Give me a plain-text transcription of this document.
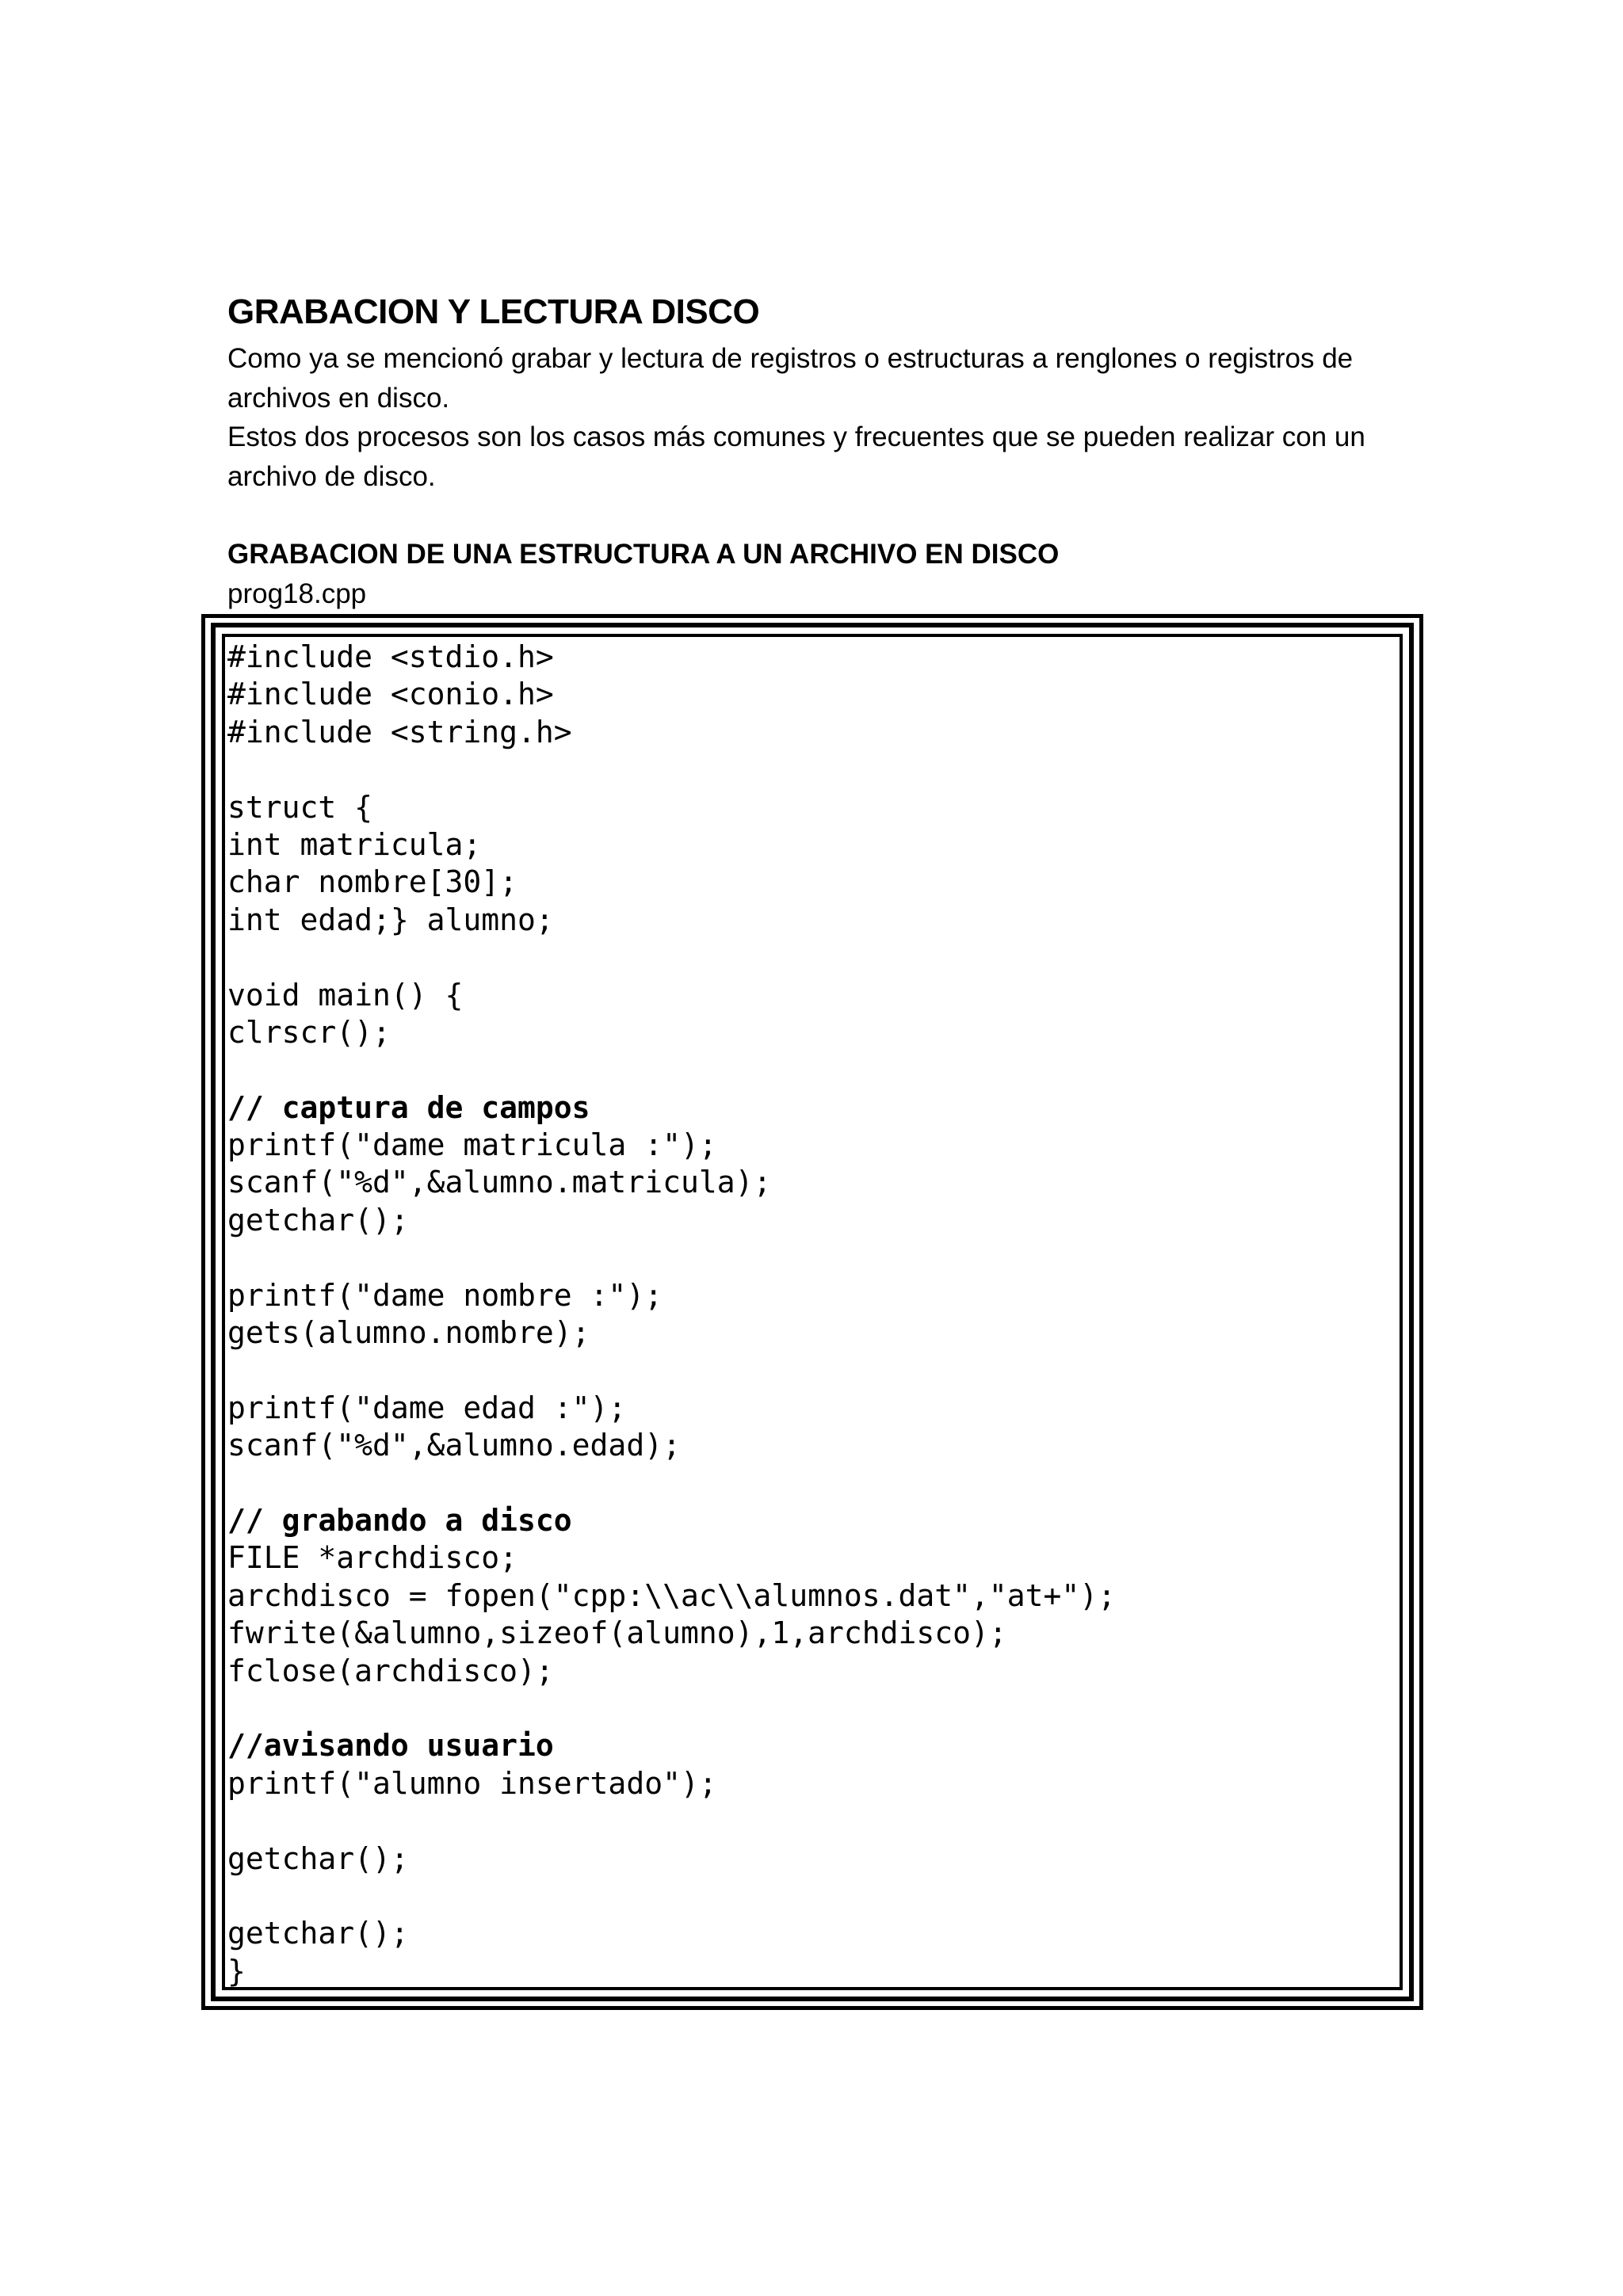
GRABACION Y LECTURA DISCO

Como ya se mencionó grabar y lectura de registros o estructuras a renglones o registros de archivos en disco.

Estos dos procesos son los casos más comunes y frecuentes que se pueden realizar con un archivo de disco.

GRABACION DE UNA ESTRUCTURA A UN ARCHIVO EN DISCO
prog18.cpp
#include <stdio.h>
#include <conio.h>
#include <string.h>
struct {
int matricula;
char nombre[30];
int edad;} alumno;
void main() {
clrscr();
// captura de campos
printf("dame matricula :");
scanf("%d",&alumno.matricula);
getchar();
printf("dame nombre :");
gets(alumno.nombre);
printf("dame edad :");
scanf("%d",&alumno.edad);
// grabando a disco
FILE *archdisco;
archdisco = fopen("cpp:\\ac\\alumnos.dat","at+");
fwrite(&alumno,sizeof(alumno),1,archdisco);
fclose(archdisco);
//avisando usuario
printf("alumno insertado");
getchar();
getchar();
}
